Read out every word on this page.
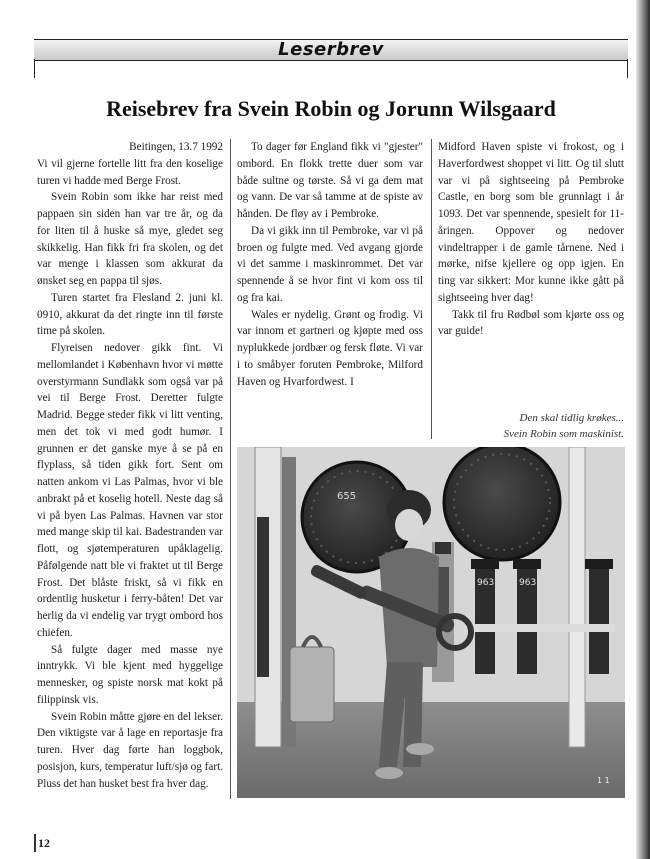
Leserbrev
Reisebrev fra Svein Robin og Jorunn Wilsgaard

Beitingen, 13.7 1992

Vi vil gjerne fortelle litt fra den koselige turen vi hadde med Berge Frost.

Svein Robin som ikke har reist med pappaen sin siden han var tre år, og da for liten til å huske så mye, gledet seg skikkelig. Han fikk fri fra skolen, og det var menge i klassen som akkurat da ønsket seg en pappa til sjøs.

Turen startet fra Flesland 2. juni kl. 0910, akkurat da det ringte inn til første time på skolen.

Flyreisen nedover gikk fint. Vi mellomlandet i København hvor vi møtte overstyrmann Sundlakk som også var på vei til Berge Frost. Deretter fulgte Madrid. Begge steder fikk vi litt venting, men det tok vi med godt humør. I grunnen er det ganske mye å se på en flyplass, så tiden gikk fort. Sent om natten ankom vi Las Palmas, hvor vi ble anbrakt på et koselig hotell. Neste dag så vi på byen Las Palmas. Havnen var stor med mange skip til kai. Badestranden var flott, og sjøtemperaturen upåklagelig. Påfølgende natt ble vi fraktet ut til Berge Frost. Det blåste friskt, så vi fikk en ordentlig husketur i ferry-båten! Det var herlig da vi endelig var trygt ombord hos chiefen.

Så fulgte dager med masse nye inntrykk. Vi ble kjent med hyggelige mennesker, og spiste norsk mat kokt på filippinsk vis.

Svein Robin måtte gjøre en del lekser. Den viktigste var å lage en reportasje fra turen. Hver dag førte han loggbok, posisjon, kurs, temperatur luft/sjø og fart. Pluss det han husket best fra hver dag.

To dager før England fikk vi "gjester" ombord. En flokk trette duer som var både sultne og tørste. Så vi ga dem mat og vann. De var så tamme at de spiste av hånden. De fløy av i Pembroke.

Da vi gikk inn til Pembroke, var vi på broen og fulgte med. Ved avgang gjorde vi det samme i maskinrommet. Det var spennende å se hvor fint vi kom oss til og fra kai.

Wales er nydelig. Grønt og frodig. Vi var innom et gartneri og kjøpte med oss nyplukkede jordbær og fersk fløte. Vi var i to småbyer foruten Pembroke, Milford Haven og Hvarfordwest. I

Midford Haven spiste vi frokost, og i Haverfordwest shoppet vi litt. Og til slutt var vi på sightseeing på Pembroke Castle, en borg som ble grunnlagt i år 1093. Det var spennende, spesielt for 11-åringen. Oppover og nedover vindeltrapper i de gamle tårnene. Ned i mørke, nifse kjellere og opp igjen. En ting var sikkert: Mor kunne ikke gått på sightseeing hver dag!

Takk til fru Rødbøl som kjørte oss og var guide!

Den skal tidlig krøkes...
Svein Robin som maskinist.
655
963	963
1 1
12
